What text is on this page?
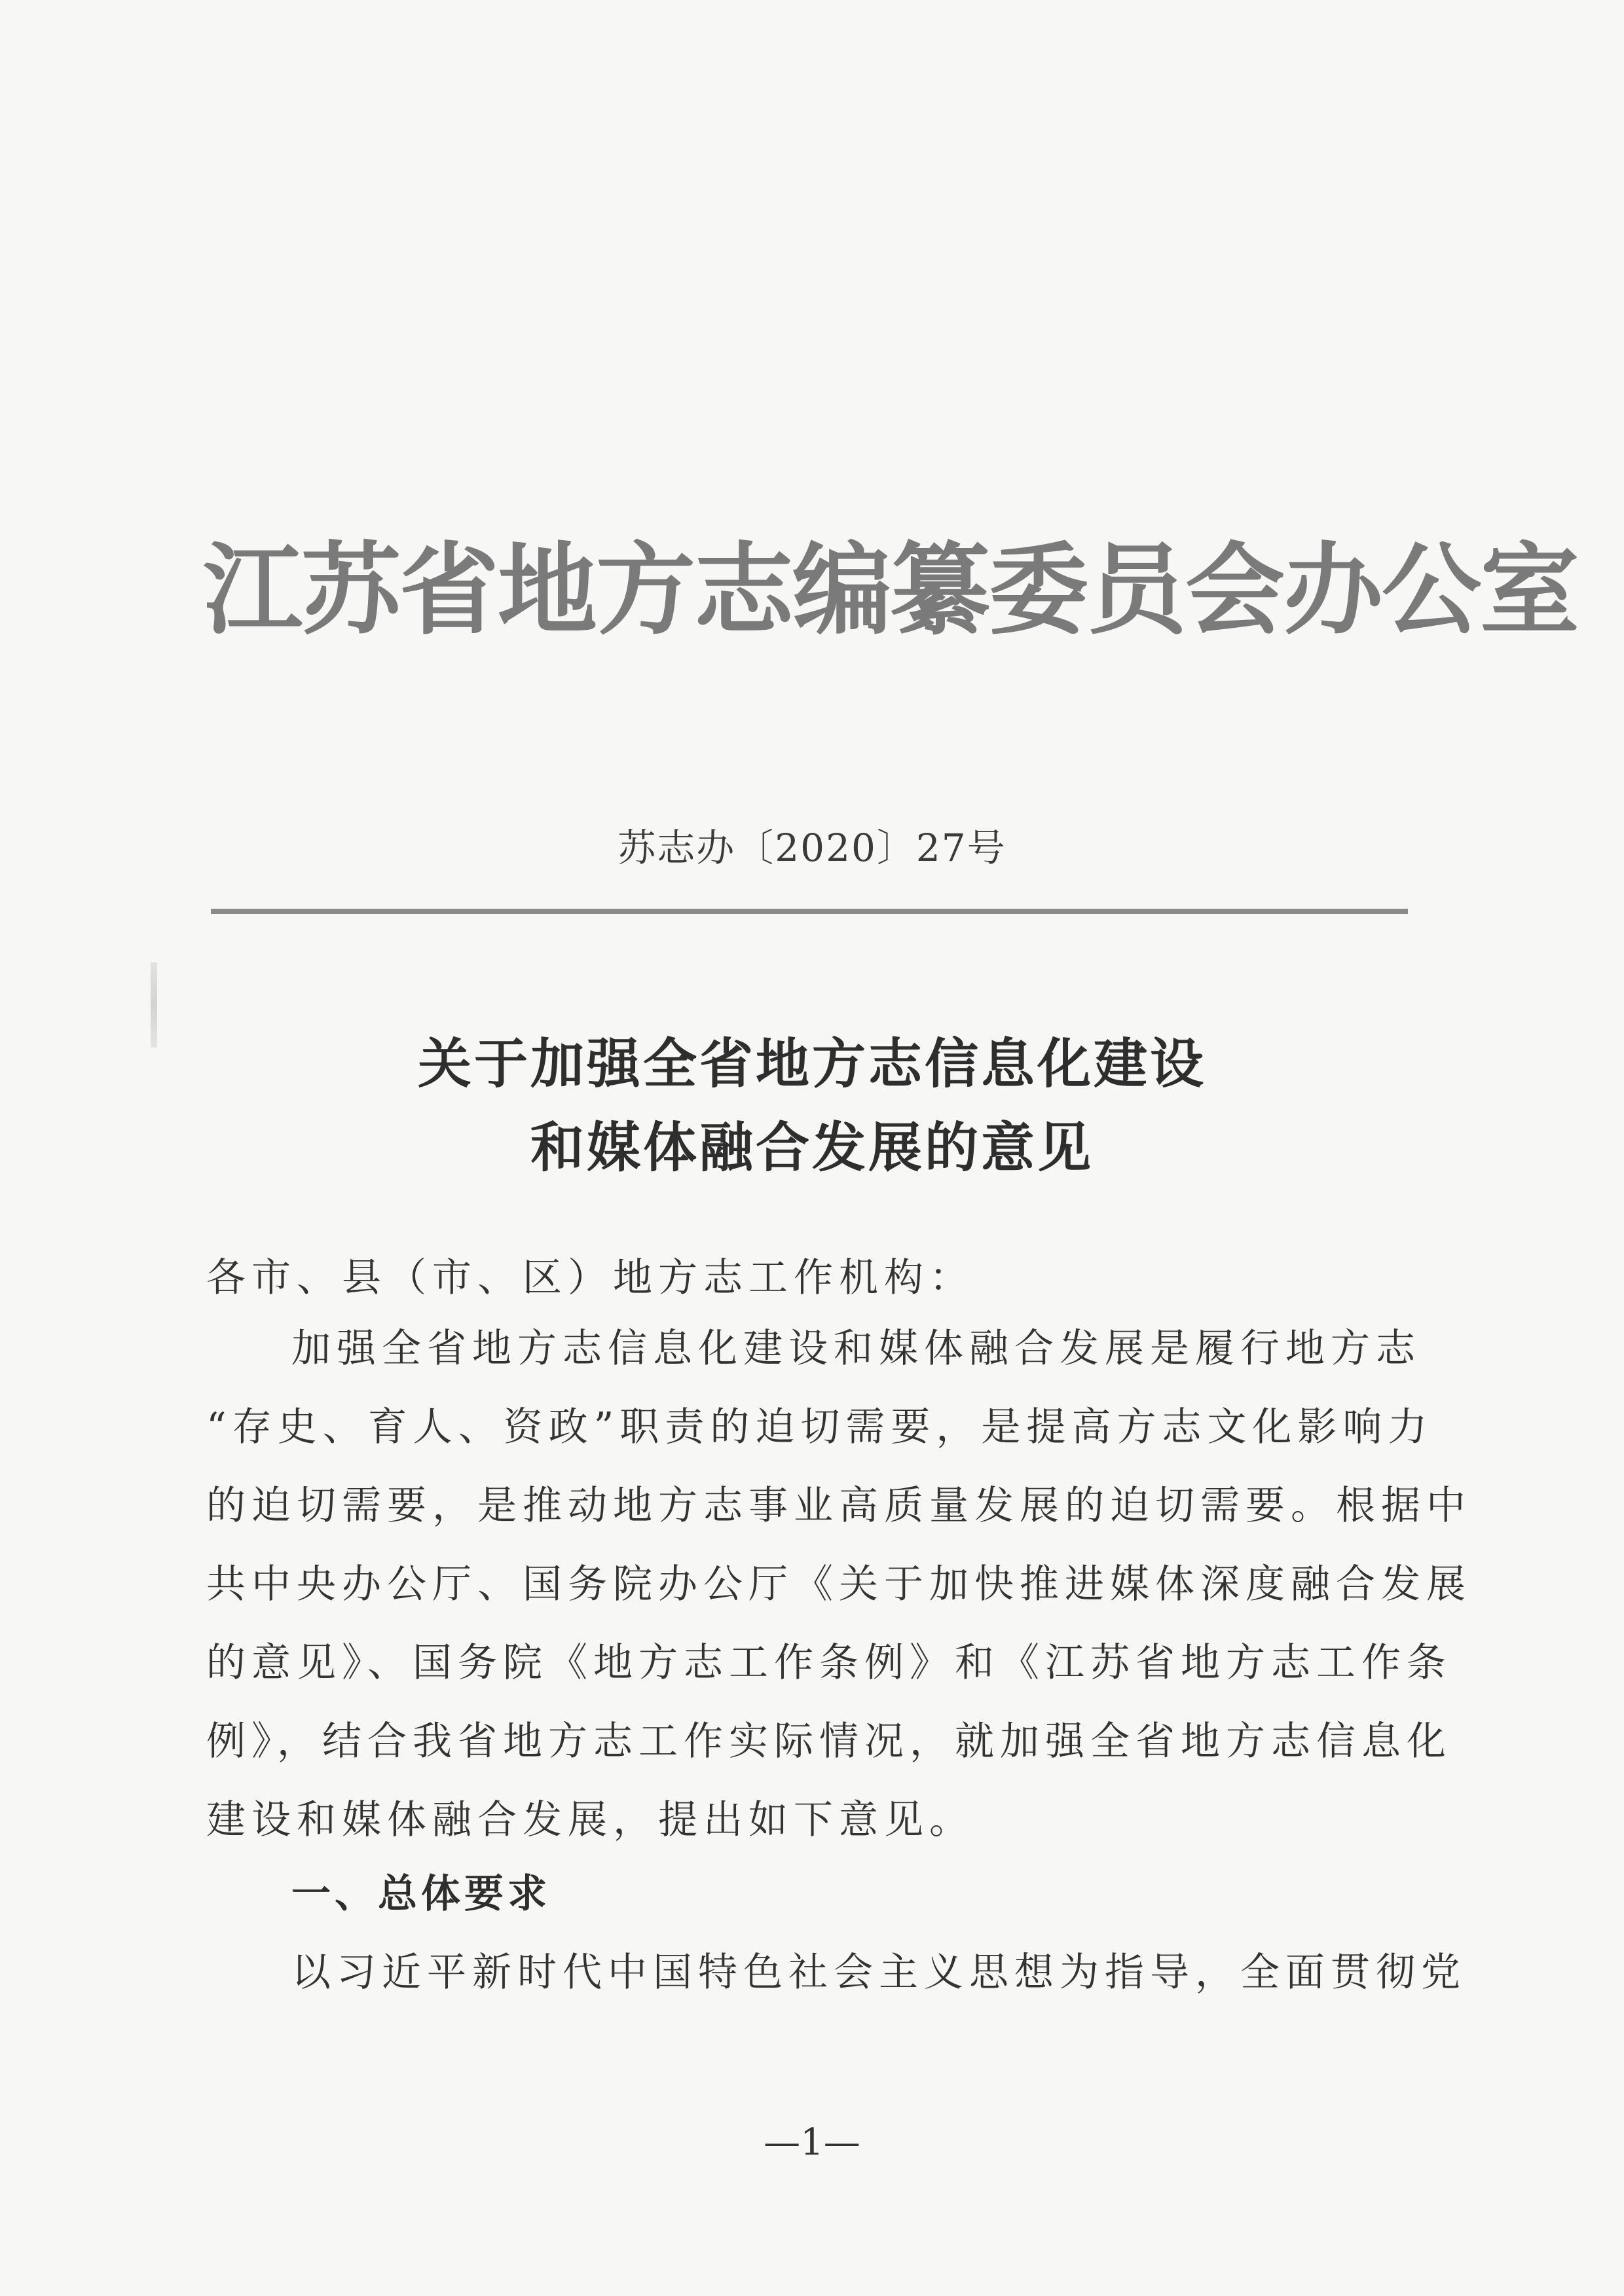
江苏省地方志编纂委员会办公室
苏志办〔2020〕27号
关于加强全省地方志信息化建设
和媒体融合发展的意见
各市、县（市、区）地方志工作机构：
加强全省地方志信息化建设和媒体融合发展是履行地方志
“存史、育人、资政”职责的迫切需要，是提高方志文化影响力
的迫切需要，是推动地方志事业高质量发展的迫切需要。根据中
共中央办公厅、国务院办公厅《关于加快推进媒体深度融合发展
的意见》、国务院《地方志工作条例》和《江苏省地方志工作条
例》，结合我省地方志工作实际情况，就加强全省地方志信息化
建设和媒体融合发展，提出如下意见。
一、总体要求
以习近平新时代中国特色社会主义思想为指导，全面贯彻党
—1—
